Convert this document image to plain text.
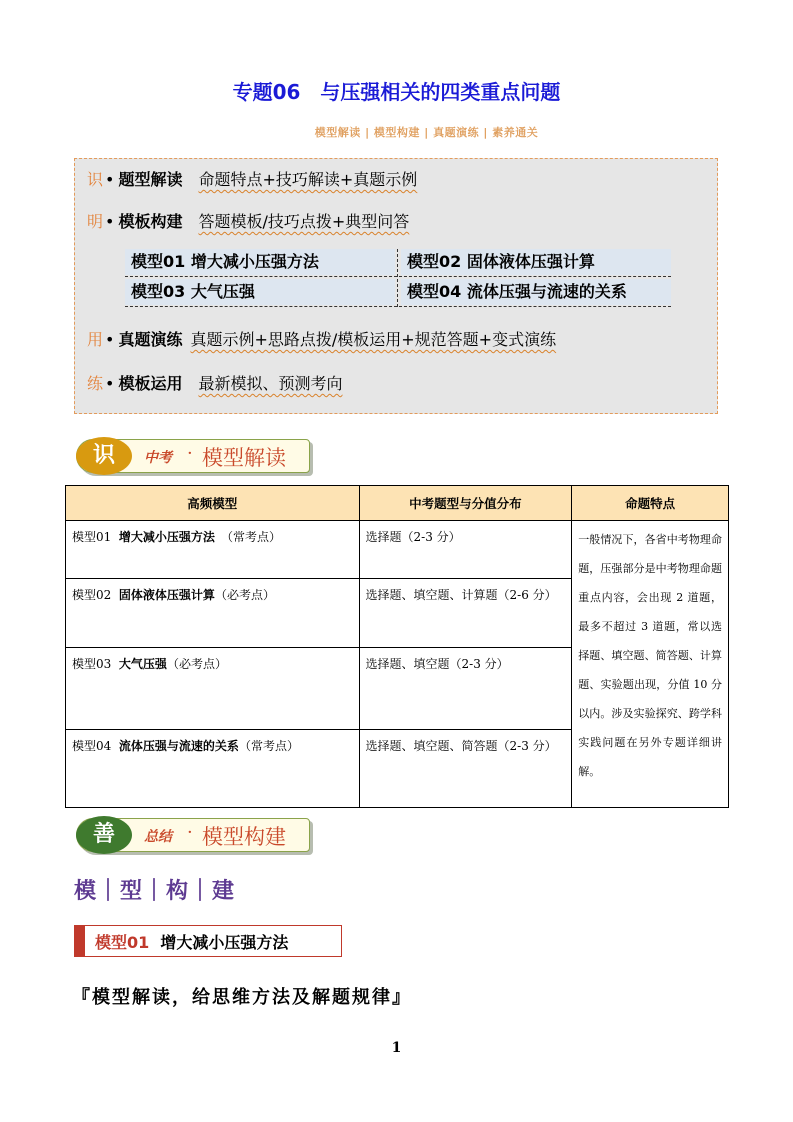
专题06　与压强相关的四类重点问题
模型解读 | 模型构建 | 真题演练 | 素养通关
识 • 题型解读 命题特点+技巧解读+真题示例
明 • 模板构建 答题模板/技巧点拨+典型问答
模型01 增大减小压强方法	模型02 固体液体压强计算
模型03 大气压强	模型04 流体压强与流速的关系
用 • 真题演练 真题示例+思路点拨/模板运用+规范答题+变式演练
练 • 模板运用 最新模拟、预测考向
识	中考 · 模型解读
高频模型	中考题型与分值分布	命题特点
模型01 增大减小压强方法　（常考点）	选择题（2-3 分）	一般情况下，各省中考物理命题，压强部分是中考物理命题重点内容，会出现 2 道题，最多不超过 3 道题，常以选择题、填空题、简答题、计算题、实验题出现，分值 10 分以内。涉及实验探究、跨学科实践问题在另外专题详细讲解。
模型02 固体液体压强计算（必考点）	选择题、填空题、计算题（2-6 分）	
模型03 大气压强（必考点）	选择题、填空题（2-3 分）	
模型04 流体压强与流速的关系（常考点）	选择题、填空题、简答题（2-3 分）	
善	总结 · 模型构建
模｜型｜构｜建
模型01 增大减小压强方法
『模型解读，给思维方法及解题规律』
1
